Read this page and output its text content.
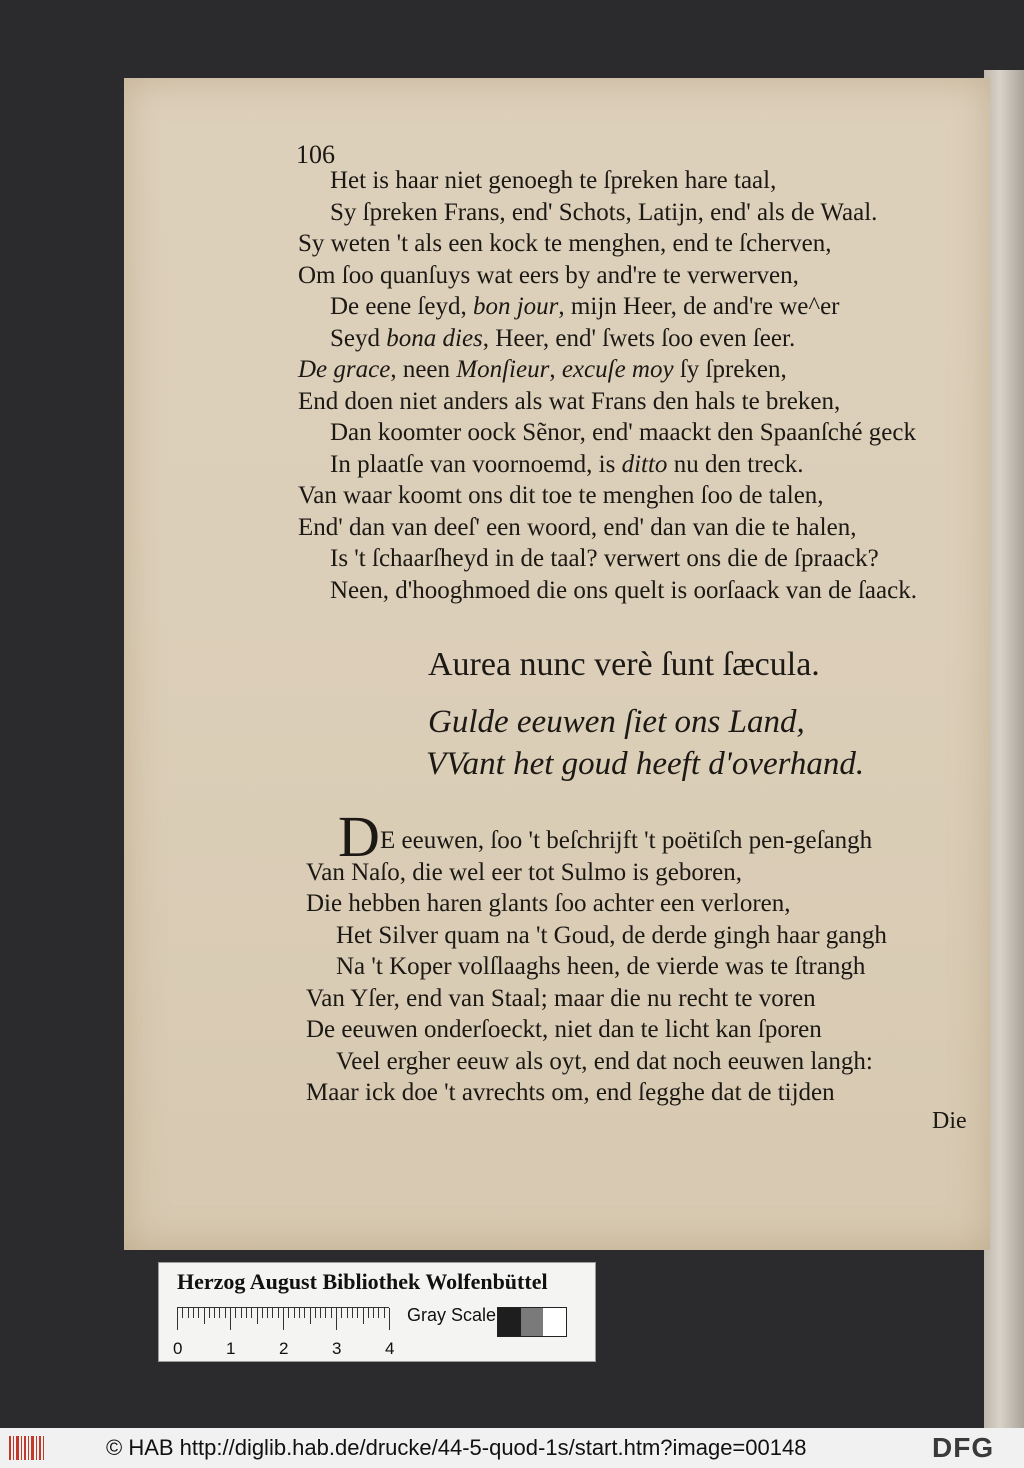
106
Het is haar niet genoegh te ſpreken hare taal,
Sy ſpreken Frans, end' Schots, Latijn, end' als de Waal.
Sy weten 't als een kock te menghen, end te ſcherven,
Om ſoo quanſuys wat eers by and're te verwerven,
De eene ſeyd, bon jour, mijn Heer, de and're we^er
Seyd bona dies, Heer, end' ſwets ſoo even ſeer.
De grace, neen Monſieur, excuſe moy ſy ſpreken,
End doen niet anders als wat Frans den hals te breken,
Dan koomter oock Sẽnor, end' maackt den Spaanſché geck
In plaatſe van voornoemd, is ditto nu den treck.
Van waar koomt ons dit toe te menghen ſoo de talen,
End' dan van deeſ' een woord, end' dan van die te halen,
Is 't ſchaarſheyd in de taal? verwert ons die de ſpraack?
Neen, d'hooghmoed die ons quelt is oorſaack van de ſaack.
Aurea nunc verè ſunt ſæcula.
Gulde eeuwen ſiet ons Land,
VVant het goud heeft d'overhand.
D E eeuwen, ſoo 't beſchrijft 't poëtiſch pen-geſangh
Van Naſo, die wel eer tot Sulmo is geboren,
Die hebben haren glants ſoo achter een verloren,
Het Silver quam na 't Goud, de derde gingh haar gangh
Na 't Koper volſlaaghs heen, de vierde was te ſtrangh
Van Yſer, end van Staal; maar die nu recht te voren
De eeuwen onderſoeckt, niet dan te licht kan ſporen
Veel ergher eeuw als oyt, end dat noch eeuwen langh:
Maar ick doe 't avrechts om, end ſegghe dat de tijden
Die
Herzog August Bibliothek Wolfenbüttel
0	1	2	3	4
Gray Scale
© HAB http://diglib.hab.de/drucke/44-5-quod-1s/start.htm?image=00148	DFG
